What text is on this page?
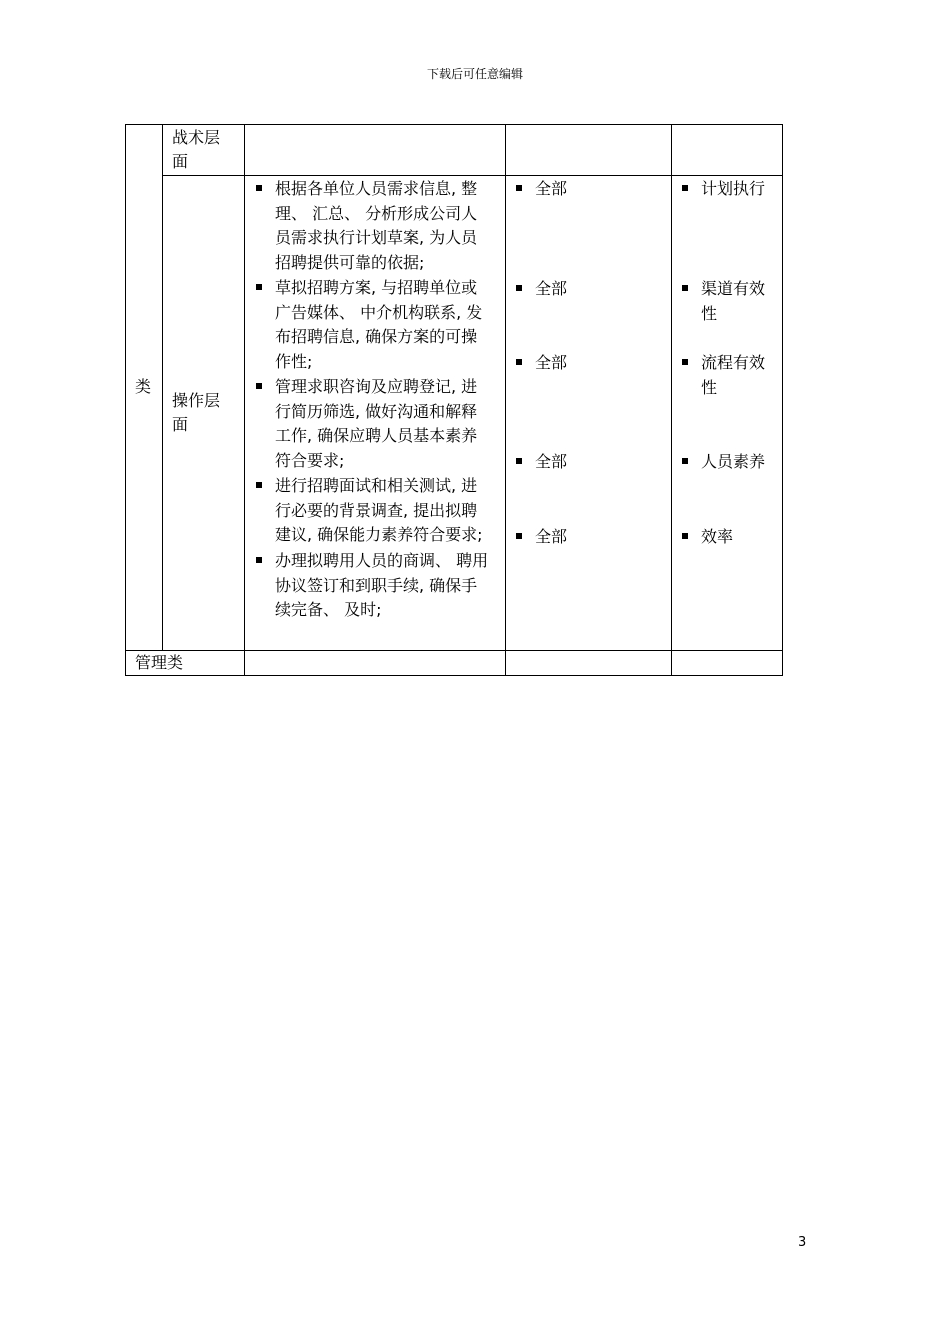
下载后可任意编辑
类
战术层
面
操作层
面
管理类
根据各单位人员需求信息, 整
理、 汇总、 分析形成公司人
员需求执行计划草案, 为人员
招聘提供可靠的依据;
草拟招聘方案, 与招聘单位或
广告媒体、 中介机构联系, 发
布招聘信息, 确保方案的可操
作性;
管理求职咨询及应聘登记, 进
行简历筛选, 做好沟通和解释
工作, 确保应聘人员基本素养
符合要求;
进行招聘面试和相关测试, 进
行必要的背景调查, 提出拟聘
建议, 确保能力素养符合要求;
办理拟聘用人员的商调、 聘用
协议签订和到职手续, 确保手
续完备、 及时;
全部
全部
全部
全部
全部
计划执行
渠道有效
性
流程有效
性
人员素养
效率
3
